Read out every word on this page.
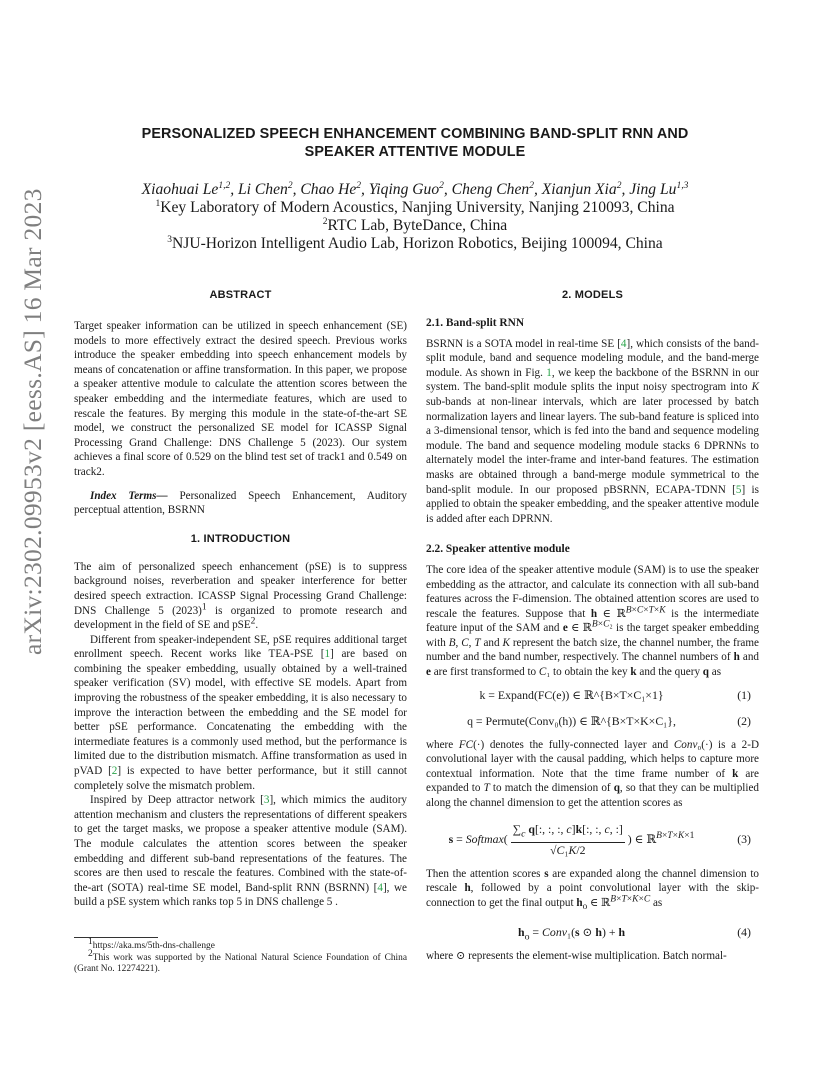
arXiv:2302.09953v2 [eess.AS] 16 Mar 2023
PERSONALIZED SPEECH ENHANCEMENT COMBINING BAND-SPLIT RNN AND
SPEAKER ATTENTIVE MODULE
Xiaohuai Le$^{1,2}$, Li Chen$^2$, Chao He$^2$, Yiqing Guo$^2$, Cheng Chen$^2$, Xianjun Xia$^2$, Jing Lu$^{1,3}$
$^1$Key Laboratory of Modern Acoustics, Nanjing University, Nanjing 210093, China
$^2$RTC Lab, ByteDance, China
$^3$NJU-Horizon Intelligent Audio Lab, Horizon Robotics, Beijing 100094, China
ABSTRACT

Target speaker information can be utilized in speech enhancement (SE) models to more effectively extract the desired speech. Previous works introduce the speaker embedding into speech enhancement models by means of concatenation or affine transformation. In this paper, we propose a speaker attentive module to calculate the attention scores between the speaker embedding and the intermediate features, which are used to rescale the features. By merging this module in the state-of-the-art SE model, we construct the personalized SE model for ICASSP Signal Processing Grand Challenge: DNS Challenge 5 (2023). Our system achieves a final score of 0.529 on the blind test set of track1 and 0.549 on track2.

Index Terms— Personalized Speech Enhancement, Auditory perceptual attention, BSRNN

1. INTRODUCTION

The aim of personalized speech enhancement (pSE) is to suppress background noises, reverberation and speaker interference for better desired speech extraction. ICASSP Signal Processing Grand Challenge: DNS Challenge 5 $(2023)^1$ is organized to promote research and development in the field of SE and pSE$^2$.

Different from speaker-independent SE, pSE requires additional target enrollment speech. Recent works like TEA-PSE [1] are based on combining the speaker embedding, usually obtained by a well-trained speaker verification (SV) model, with effective SE models. Apart from improving the robustness of the speaker embedding, it is also necessary to improve the interaction between the embedding and the SE model for better pSE performance. Concatenating the embedding with the intermediate features is a commonly used method, but the performance is limited due to the distribution mismatch. Affine transformation as used in pVAD [2] is expected to have better performance, but it still cannot completely solve the mismatch problem.

Inspired by Deep attractor network [3], which mimics the auditory attention mechanism and clusters the representations of different speakers to get the target masks, we propose a speaker attentive module (SAM). The module calculates the attention scores between the speaker embedding and different sub-band representations of the features. The scores are then used to rescale the features. Combined with the state-of-the-art (SOTA) real-time SE model, Band-split RNN (BSRNN) [4], we build a pSE system which ranks top 5 in DNS challenge 5 .

$^1$https://aka.ms/5th-dns-challenge
$^2$This work was supported by the National Natural Science Foundation of China (Grant No. 12274221).
2. MODELS
2.1. Band-split RNN

BSRNN is a SOTA model in real-time SE [4], which consists of the band-split module, band and sequence modeling module, and the band-merge module. As shown in Fig. 1, we keep the backbone of the BSRNN in our system. The band-split module splits the input noisy spectrogram into K sub-bands at non-linear intervals, which are later processed by batch normalization layers and linear layers. The sub-band feature is spliced into a 3-dimensional tensor, which is fed into the band and sequence modeling module. The band and sequence modeling module stacks 6 DPRNNs to alternately model the inter-frame and inter-band features. The estimation masks are obtained through a band-merge module symmetrical to the band-split module. In our proposed pBSRNN, ECAPA-TDNN [5] is applied to obtain the speaker embedding, and the speaker attentive module is added after each DPRNN.

2.2. Speaker attentive module

The core idea of the speaker attentive module (SAM) is to use the speaker embedding as the attractor, and calculate its connection with all sub-band features across the F-dimension. The obtained attention scores are used to rescale the features. Suppose that h ∈ ℝ$^{B\times C\times T\times K}$ is the intermediate feature input of the SAM and e ∈ ℝ$^{B\times C_2}$ is the target speaker embedding with B, C, T and K represent the batch size, the channel number, the frame number and the band number, respectively. The channel numbers of h and e are first transformed to C₁ to obtain the key k and the query q as

k = Expand(FC(e)) ∈ ℝ^{B×T×C₁×1}	(1)
q = Permute(Conv₀(h)) ∈ ℝ^{B×T×K×C₁},	(2)

where FC(·) denotes the fully-connected layer and Conv₀(·) is a 2-D convolutional layer with the causal padding, which helps to capture more contextual information. Note that the time frame number of k are expanded to T to match the dimension of q, so that they can be multiplied along the channel dimension to get the attention scores as

s = Softmax( $\frac{\sum_c q[:, :, :, c]k[:, :, c, :]}{\text{√C₁K/2}}$ ) ∈ ℝ$^{B\times T\times K\times 1}$	(3)

Then the attention scores s are expanded along the channel dimension to rescale h, followed by a point convolutional layer with the skip-connection to get the final output $h_o$ ∈ ℝ$^{B\times T\times K\times C}$ as

$h_o$ = Conv₁(s ⊙ h) + h	(4)

where ⊙ represents the element-wise multiplication. Batch normal-
